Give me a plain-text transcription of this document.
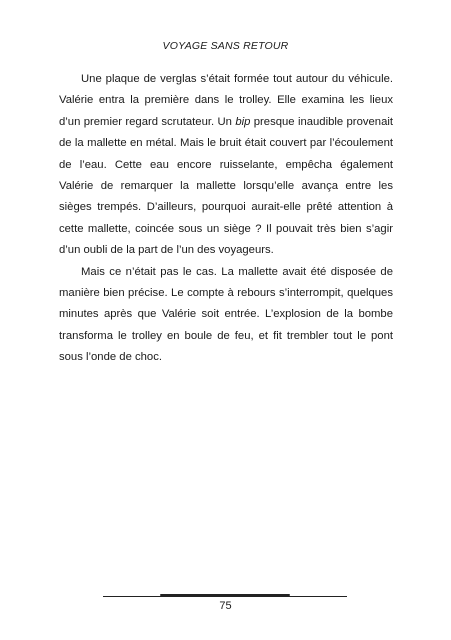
VOYAGE SANS RETOUR

Une plaque de verglas s’était formée tout autour du véhicule. Valérie entra la première dans le trolley. Elle examina les lieux d’un premier regard scrutateur. Un bip presque inaudible provenait de la mallette en métal. Mais le bruit était couvert par l’écoulement de l’eau. Cette eau encore ruisselante, empêcha également Valérie de remarquer la mallette lorsqu’elle avança entre les sièges trempés. D’ailleurs, pourquoi aurait-elle prêté attention à cette mallette, coincée sous un siège ? Il pouvait très bien s’agir d’un oubli de la part de l’un des voyageurs.

Mais ce n’était pas le cas. La mallette avait été disposée de manière bien précise. Le compte à rebours s’interrompit, quelques minutes après que Valérie soit entrée. L’explosion de la bombe transforma le trolley en boule de feu, et fit trembler tout le pont sous l’onde de choc.

75
